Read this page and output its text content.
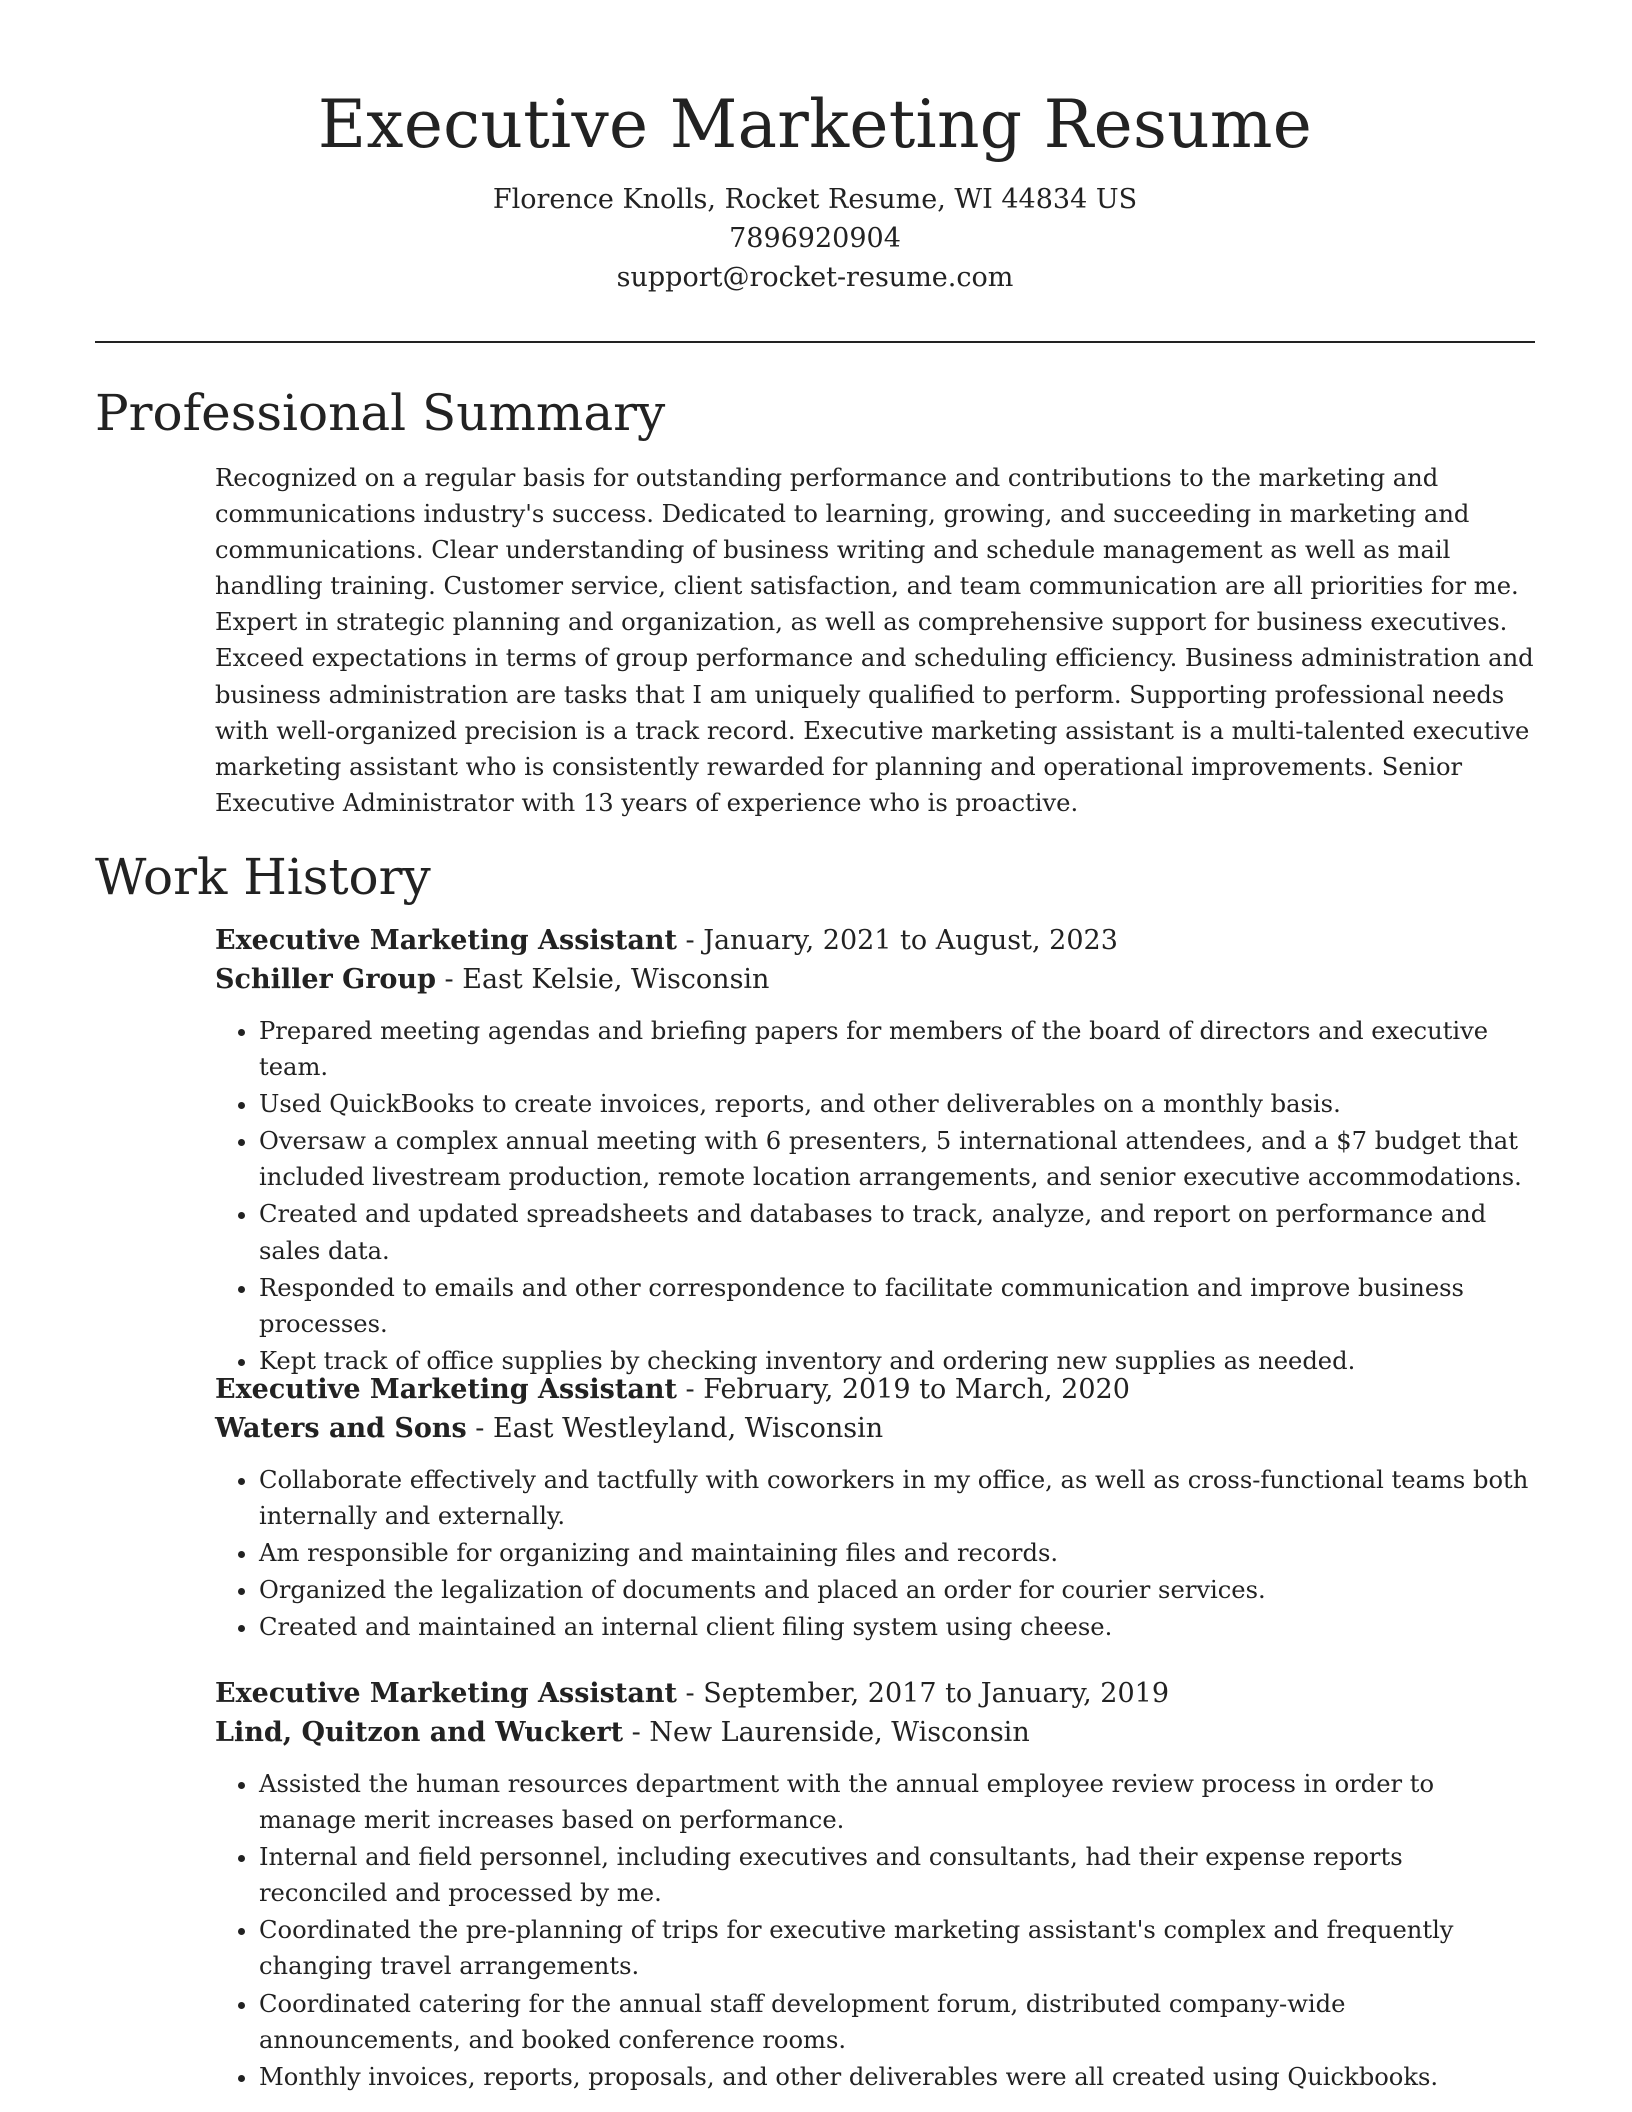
Executive Marketing Resume

Florence Knolls, Rocket Resume, WI 44834 US

7896920904

support@rocket-resume.com

Professional Summary

Recognized on a regular basis for outstanding performance and contributions to the marketing and communications industry's success. Dedicated to learning, growing, and succeeding in marketing and communications. Clear understanding of business writing and schedule management as well as mail handling training. Customer service, client satisfaction, and team communication are all priorities for me. Expert in strategic planning and organization, as well as comprehensive support for business executives. Exceed expectations in terms of group performance and scheduling efficiency. Business administration and business administration are tasks that I am uniquely qualified to perform. Supporting professional needs with well-organized precision is a track record. Executive marketing assistant is a multi-talented executive marketing assistant who is consistently rewarded for planning and operational improvements. Senior Executive Administrator with 13 years of experience who is proactive.

Work History

Executive Marketing Assistant - January, 2021 to August, 2023

Schiller Group - East Kelsie, Wisconsin

• Prepared meeting agendas and briefing papers for members of the board of directors and executive team.
• Used QuickBooks to create invoices, reports, and other deliverables on a monthly basis.
• Oversaw a complex annual meeting with 6 presenters, 5 international attendees, and a $7 budget that included livestream production, remote location arrangements, and senior executive accommodations.
• Created and updated spreadsheets and databases to track, analyze, and report on performance and sales data.
• Responded to emails and other correspondence to facilitate communication and improve business processes.
• Kept track of office supplies by checking inventory and ordering new supplies as needed.

Executive Marketing Assistant - February, 2019 to March, 2020

Waters and Sons - East Westleyland, Wisconsin

• Collaborate effectively and tactfully with coworkers in my office, as well as cross-functional teams both internally and externally.
• Am responsible for organizing and maintaining files and records.
• Organized the legalization of documents and placed an order for courier services.
• Created and maintained an internal client filing system using cheese.

Executive Marketing Assistant - September, 2017 to January, 2019

Lind, Quitzon and Wuckert - New Laurenside, Wisconsin

• Assisted the human resources department with the annual employee review process in order to manage merit increases based on performance.
• Internal and field personnel, including executives and consultants, had their expense reports reconciled and processed by me.
• Coordinated the pre-planning of trips for executive marketing assistant's complex and frequently changing travel arrangements.
• Coordinated catering for the annual staff development forum, distributed company-wide announcements, and booked conference rooms.
• Monthly invoices, reports, proposals, and other deliverables were all created using Quickbooks.
